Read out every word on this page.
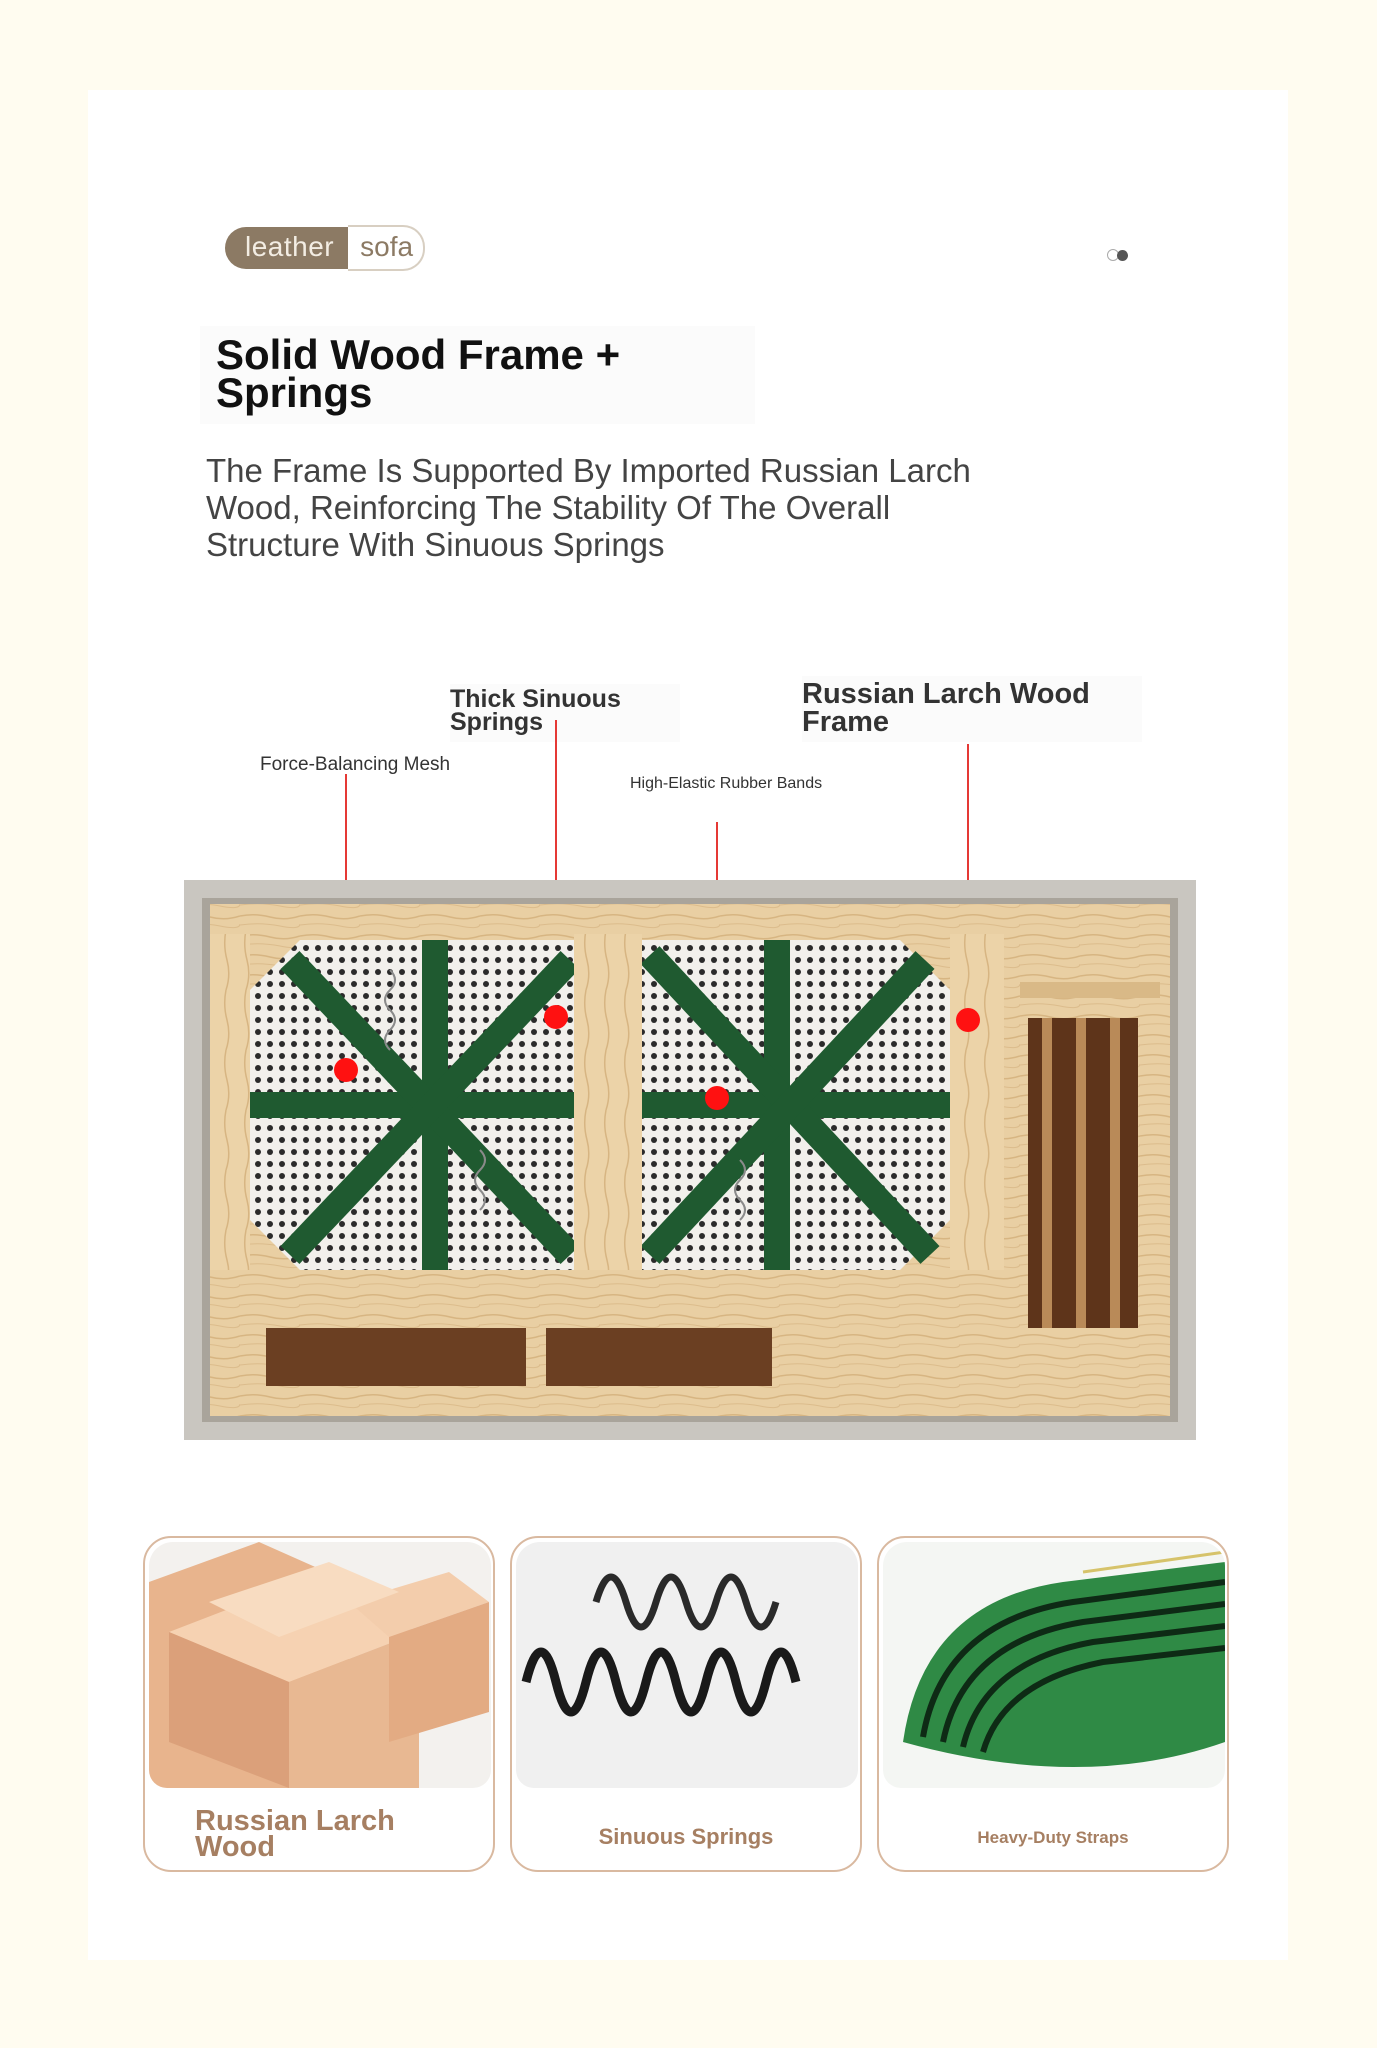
leather sofa
Solid Wood Frame + Springs
The Frame Is Supported By Imported Russian Larch Wood, Reinforcing The Stability Of The Overall Structure With Sinuous Springs
Thick Sinuous Springs
Russian Larch Wood Frame
Force-Balancing Mesh
High-Elastic Rubber Bands
Russian Larch Wood	Sinuous Springs	Heavy-Duty Straps
